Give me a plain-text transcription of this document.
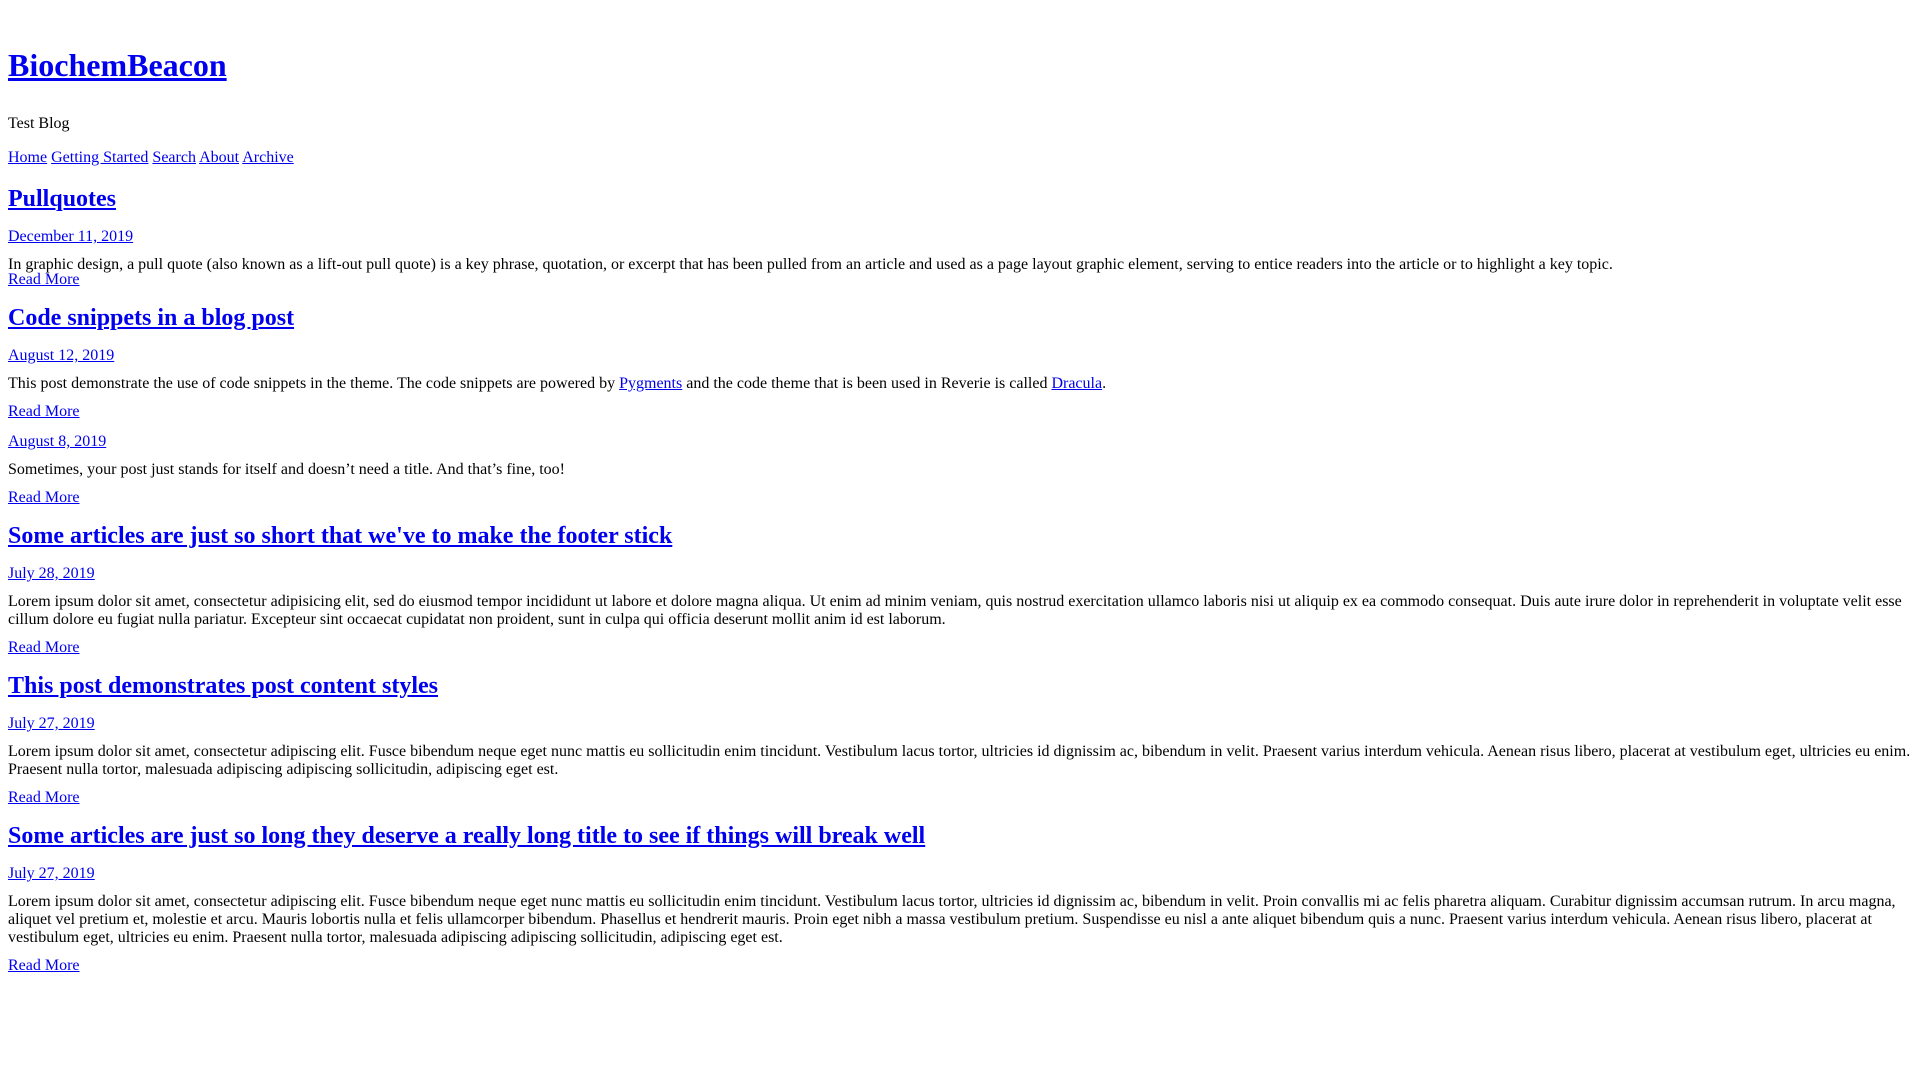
BiochemBeacon

Test Blog

Home Getting Started Search About Archive
Pullquotes
December 11, 2019

In graphic design, a pull quote (also known as a lift-out pull quote) is a key phrase, quotation, or excerpt that has been pulled from an article and used as a page layout graphic element, serving to entice readers into the article or to highlight a key topic.

Read More
Code snippets in a blog post
August 12, 2019

This post demonstrate the use of code snippets in the theme. The code snippets are powered by Pygments and the code theme that is been used in Reverie is called Dracula.

Read More
August 8, 2019

Sometimes, your post just stands for itself and doesn’t need a title. And that’s fine, too!

Read More
Some articles are just so short that we've to make the footer stick
July 28, 2019

Lorem ipsum dolor sit amet, consectetur adipisicing elit, sed do eiusmod tempor incididunt ut labore et dolore magna aliqua. Ut enim ad minim veniam, quis nostrud exercitation ullamco laboris nisi ut aliquip ex ea commodo consequat. Duis aute irure dolor in reprehenderit in voluptate velit esse cillum dolore eu fugiat nulla pariatur. Excepteur sint occaecat cupidatat non proident, sunt in culpa qui officia deserunt mollit anim id est laborum.

Read More
This post demonstrates post content styles
July 27, 2019

Lorem ipsum dolor sit amet, consectetur adipiscing elit. Fusce bibendum neque eget nunc mattis eu sollicitudin enim tincidunt. Vestibulum lacus tortor, ultricies id dignissim ac, bibendum in velit. Praesent varius interdum vehicula. Aenean risus libero, placerat at vestibulum eget, ultricies eu enim. Praesent nulla tortor, malesuada adipiscing adipiscing sollicitudin, adipiscing eget est.

Read More
Some articles are just so long they deserve a really long title to see if things will break well
July 27, 2019

Lorem ipsum dolor sit amet, consectetur adipiscing elit. Fusce bibendum neque eget nunc mattis eu sollicitudin enim tincidunt. Vestibulum lacus tortor, ultricies id dignissim ac, bibendum in velit. Proin convallis mi ac felis pharetra aliquam. Curabitur dignissim accumsan rutrum. In arcu magna, aliquet vel pretium et, molestie et arcu. Mauris lobortis nulla et felis ullamcorper bibendum. Phasellus et hendrerit mauris. Proin eget nibh a massa vestibulum pretium. Suspendisse eu nisl a ante aliquet bibendum quis a nunc. Praesent varius interdum vehicula. Aenean risus libero, placerat at vestibulum eget, ultricies eu enim. Praesent nulla tortor, malesuada adipiscing adipiscing sollicitudin, adipiscing eget est.

Read More
